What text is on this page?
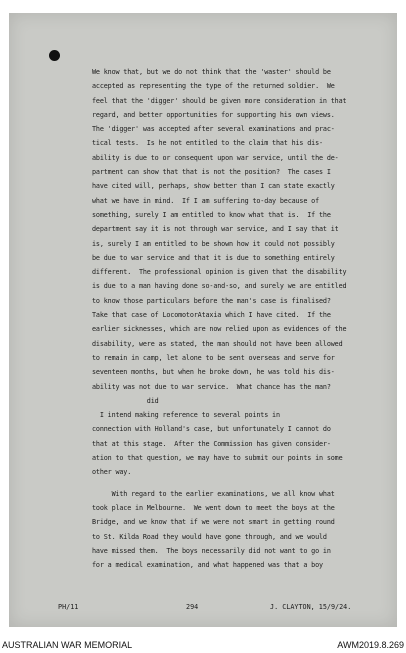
We know that, but we do not think that the 'waster' should be
accepted as representing the type of the returned soldier.  We
feel that the 'digger' should be given more consideration in that
regard, and better opportunities for supporting his own views.
The 'digger' was accepted after several examinations and prac-
tical tests.  Is he not entitled to the claim that his dis-
ability is due to or consequent upon war service, until the de-
partment can show that that is not the position?  The cases I
have cited will, perhaps, show better than I can state exactly
what we have in mind.  If I am suffering to-day because of
something, surely I am entitled to know what that is.  If the
department say it is not through war service, and I say that it
is, surely I am entitled to be shown how it could not possibly
be due to war service and that it is due to something entirely
different.  The professional opinion is given that the disability
is due to a man having done so-and-so, and surely we are entitled
to know those particulars before the man's case is finalised?
Take that case of LocomotorAtaxia which I have cited.  If the
earlier sicknesses, which are now relied upon as evidences of the
disability, were as stated, the man should not have been allowed
to remain in camp, let alone to be sent overseas and serve for
seventeen months, but when he broke down, he was told his dis-
ability was not due to war service.  What chance has the man?
did
I intend making reference to several points in
connection with Holland's case, but unfortunately I cannot do
that at this stage.  After the Commission has given consider-
ation to that question, we may have to submit our points in some
other way.
With regard to the earlier examinations, we all know what
took place in Melbourne.  We went down to meet the boys at the
Bridge, and we know that if we were not smart in getting round
to St. Kilda Road they would have gone through, and we would
have missed them.  The boys necessarily did not want to go in
for a medical examination, and what happened was that a boy
PH/11	294	J. CLAYTON, 15/9/24.
AUSTRALIAN WAR MEMORIAL	AWM2019.8.269
